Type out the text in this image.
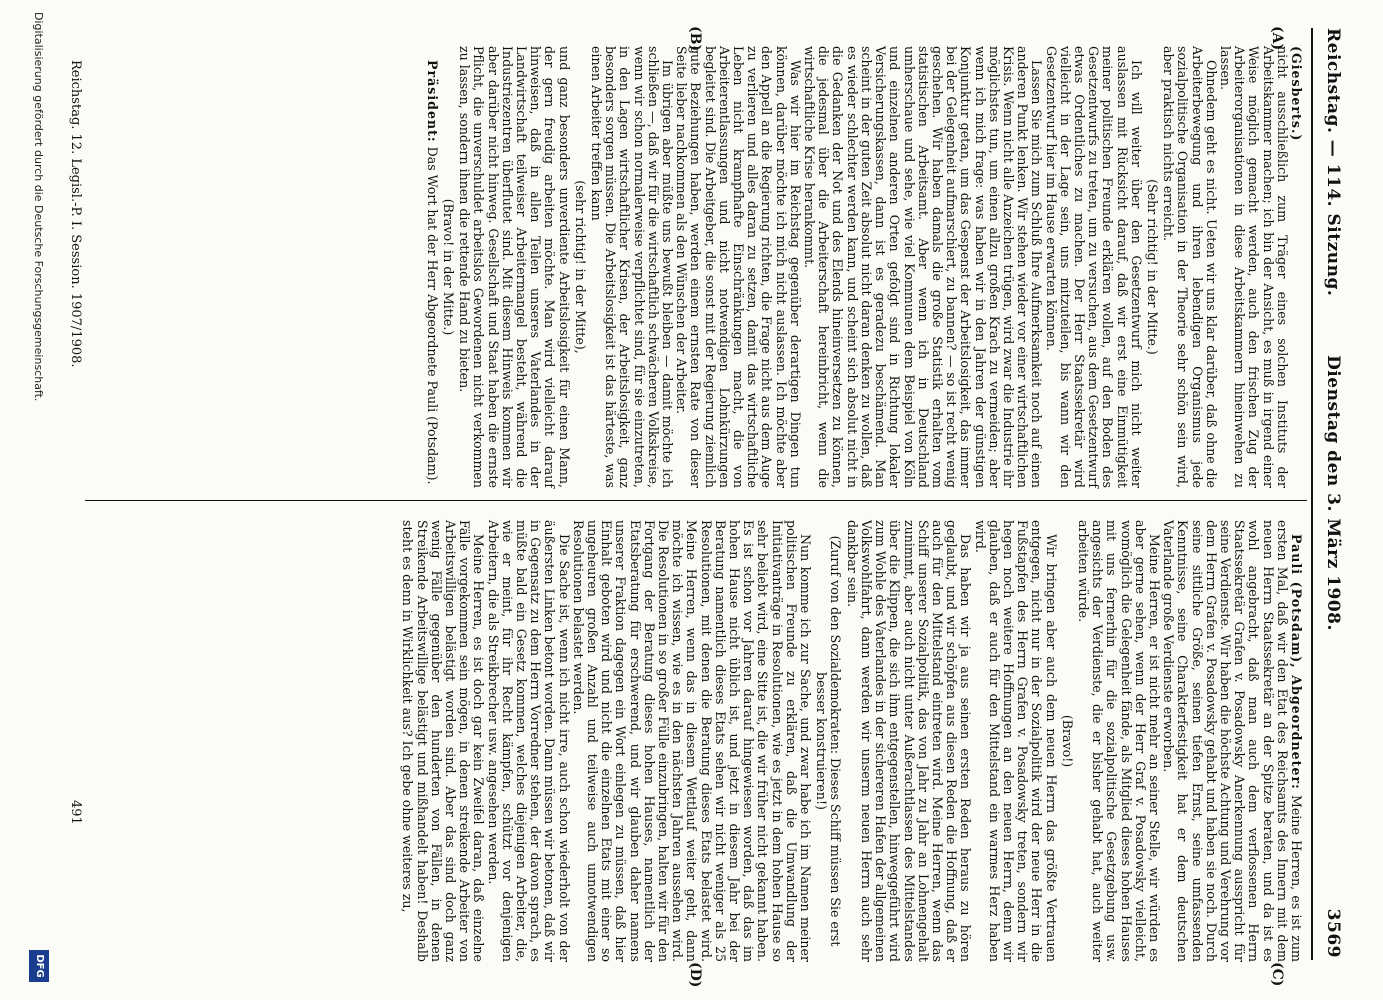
Reichstag. — 114. Sitzung.
Dienstag den 3. März 1908.
3569
(A)
(B)
(C)
(D)

(Giesberts.)

nicht ausschließlich zum Träger eines solchen Instituts der Arbeitskammer machen; ich bin der Ansicht, es muß in irgend einer Weise möglich gemacht werden, auch den frischen Zug der Arbeiterorganisationen in diese Arbeitskammern hineinwehen zu lassen.

Ohnedem geht es nicht. Ueten wir uns klar darüber, daß ohne die Arbeiterbewegung und ihren lebendigen Organismus jede sozialpolitische Organisation in der Theorie sehr schön sein wird, aber praktisch nichts erreicht.

(Sehr richtig! in der Mitte.)

Ich will weiter über den Gesetzentwurf mich nicht weiter auslassen mit Rücksicht darauf, daß wir erst eine Einmütigkeit meiner politischen Freunde erklären wollen, auf den Boden des Gesetzentwurfs zu treten, um zu versuchen, aus dem Gesetzentwurf etwas Ordentliches zu machen. Der Herr Staatssekretär wird vielleicht in der Lage sein, uns mitzuteilen, bis wann wir den Gesetzentwurf hier im Hause erwarten können.

Lassen Sie mich zum Schluß Ihre Aufmerksamkeit noch auf einen anderen Punkt lenken. Wir stehen wieder vor einer wirtschaftlichen Krisis. Wenn nicht alle Anzeichen trügen, wird zwar die Industrie ihr möglichstes tun, um einen allzu großen Krach zu vermeiden; aber wenn ich mich frage: was haben wir in den Jahren der günstigen Konjunktur getan, um das Gespenst der Arbeitslosigkeit, das immer bei der Gelegenheit aufmarschiert, zu bannen? — so ist recht wenig geschehen. Wir haben damals die große Statistik erhalten vom statistischen Arbeitsamt. Aber wenn ich in Deutschland umherschaue und sehe, wie viel Kommunen dem Beispiel von Köln und einzelnen anderen Orten gefolgt sind in Richtung lokaler Versicherungskassen, dann ist es geradezu beschämend. Man scheint in der guten Zeit absolut nicht daran denken zu wollen, daß es wieder schlechter werden kann, und scheint sich absolut nicht in die Gedanken der Not und des Elends hineinversetzen zu können, die jedesmal über die Arbeiterschaft hereinbricht, wenn die wirtschaftliche Krise herankommt.

Was wir hier im Reichstag gegenüber derartigen Dingen tun können, darüber möchte ich mich nicht auslassen. Ich möchte aber den Appell an die Regierung richten, die Frage nicht aus dem Auge zu verlieren und alles daran zu setzen, damit das wirtschaftliche Leben nicht krampfhafte Einschränkungen macht, die von Arbeiterentlassungen und nicht notwendigen Lohnkürzungen begleitet sind. Die Arbeitgeber, die sonst mit der Regierung ziemlich gute Beziehungen haben, werden einem ernsten Rate von dieser Seite lieber nachkommen als den Wünschen der Arbeiter.

Im übrigen aber müßte uns bewußt bleiben — damit möchte ich schließen —, daß wir für die wirtschaftlich schwächeren Volkskreise, wenn wir schon normalerweise verpflichtet sind, für sie einzutreten, in den Lagen wirtschaftlicher Krisen, der Arbeitslosigkeit, ganz besonders sorgen müssen. Die Arbeitslosigkeit ist das härteste, was einen Arbeiter treffen kann

(sehr richtig! in der Mitte),

und ganz besonders unverdiente Arbeitslosigkeit für einen Mann, der gern freudig arbeiten möchte. Man wird vielleicht darauf hinweisen, daß in allen Teilen unseres Vaterlandes in der Landwirtschaft teilweiser Arbeitermangel besteht, während die Industriezentren überflutet sind. Mit diesem Hinweis kommen wir aber darüber nicht hinweg. Gesellschaft und Staat haben die ernste Pflicht, die unverschuldet arbeitslos Gewordenen nicht verkommen zu lassen, sondern ihnen die rettende Hand zu bieten.

(Bravo! in der Mitte.)

Präsident: Das Wort hat der Herr Abgeordnete Pauli (Potsdam).

Pauli (Potsdam), Abgeordneter: Meine Herren, es ist zum ersten Mal, daß wir den Etat des Reichsamts des Innern mit dem neuen Herrn Staatssekretär an der Spitze beraten, und da ist es wohl angebracht, daß man auch dem verflossenen Herrn Staatssekretär Grafen v. Posadowsky Anerkennung ausspricht für seine Verdienste. Wir haben die höchste Achtung und Verehrung vor dem Herrn Grafen v. Posadowsky gehabt und haben sie noch. Durch seine sittliche Größe, seinen tiefen Ernst, seine umfassenden Kenntnisse, seine Charakterfestigkeit hat er dem deutschen Vaterlande große Verdienste erworben.

Meine Herren, er ist nicht mehr an seiner Stelle, wir würden es aber gerne sehen, wenn der Herr Graf v. Posadowsky vielleicht, womöglich die Gelegenheit fände, als Mitglied dieses hohen Hauses mit uns fernerhin für die sozialpolitische Gesetzgebung usw. angesichts der Verdienste, die er bisher gehabt hat, auch weiter arbeiten würde.

(Bravo!)

Wir bringen aber auch dem neuen Herrn das größte Vertrauen entgegen, nicht nur in der Sozialpolitik wird der neue Herr in die Fußstapfen des Herrn Grafen v. Posadowsky treten, sondern wir hegen noch weitere Hoffnungen an den neuen Herrn, denn wir glauben, daß er auch für den Mittelstand ein warmes Herz haben wird.

Das haben wir ja aus seinen ersten Reden heraus zu hören geglaubt, und wir schöpfen aus diesen Reden die Hoffnung, daß er auch für den Mittelstand eintreten wird. Meine Herren, wenn das Schiff unserer Sozialpolitik, das von Jahr zu Jahr an Lohnengehalt zunimmt, aber auch nicht unter Außerachtlassen des Mittelstandes über die Klippen, die sich ihm entgegenstellen, hinweggeführt wird zum Wohle des Vaterlandes in der sichereren Hafen der allgemeinen Volkswohlfahrt, dann werden wir unserm neuen Herrn auch sehr dankbar sein.

(Zuruf von den Sozialdemokraten: Dieses Schiff müssen Sie erst besser konstruieren!)

Nun komme ich zur Sache, und zwar habe ich im Namen meiner politischen Freunde zu erklären, daß die Umwandlung der Initiativanträge in Resolutionen, wie es jetzt in dem hohen Hause so sehr beliebt wird, eine Sitte ist, die wir früher nicht gekannt haben. Es ist schon vor Jahren darauf hingewiesen worden, daß das im hohen Hause nicht üblich ist, und jetzt in diesem Jahr bei der Beratung namentlich dieses Etats sehen wir nicht weniger als 25 Resolutionen, mit denen die Beratung dieses Etats belastet wird. Meine Herren, wenn das in diesem Wettlauf weiter geht, dann möchte ich wissen, wie es in den nächsten Jahren aussehen wird. Die Resolutionen in so großer Fülle einzubringen, halten wir für den Fortgang der Beratung dieses hohen Hauses, namentlich der Etatsberatung für erschwerend, und wir glauben daher namens unserer Fraktion dagegen ein Wort einlegen zu müssen, daß hier Einhalt geboten wird und nicht die einzelnen Etats mit einer so ungeheuren großen Anzahl und teilweise auch unnotwendigen Resolutionen belastet werden.

Die Sache ist, wenn ich nicht irre, auch schon wiederholt von der äußersten Linken betont worden. Dann müssen wir betonen, daß wir in Gegensatz zu dem Herrn Vorredner stehen, der davon sprach, es müßte bald ein Gesetz kommen, welches diejenigen Arbeiter, die, wie er meint, für ihr Recht kämpfen, schützt vor denjenigen Arbeitern, die als Streikbrecher usw. angesehen werden.

Meine Herren, es ist doch gar kein Zweifel daran, daß einzelne Fälle vorgekommen sein mögen, in denen streikende Arbeiter von Arbeitswilligen belästigt worden sind. Aber das sind doch ganz wenig Fälle gegenüber den hunderten von Fällen, in denen Streikende Arbeitswillige belästigt und mißhandelt haben! Deshalb steht es denn in Wirklichkeit aus? Ich gebe ohne weiteres zu,

Reichstag. 12. Legisl.-P. I. Session. 1907/1908.
491
Digitalisierung gefördert durch die Deutsche Forschungsgemeinschaft.
DFG
